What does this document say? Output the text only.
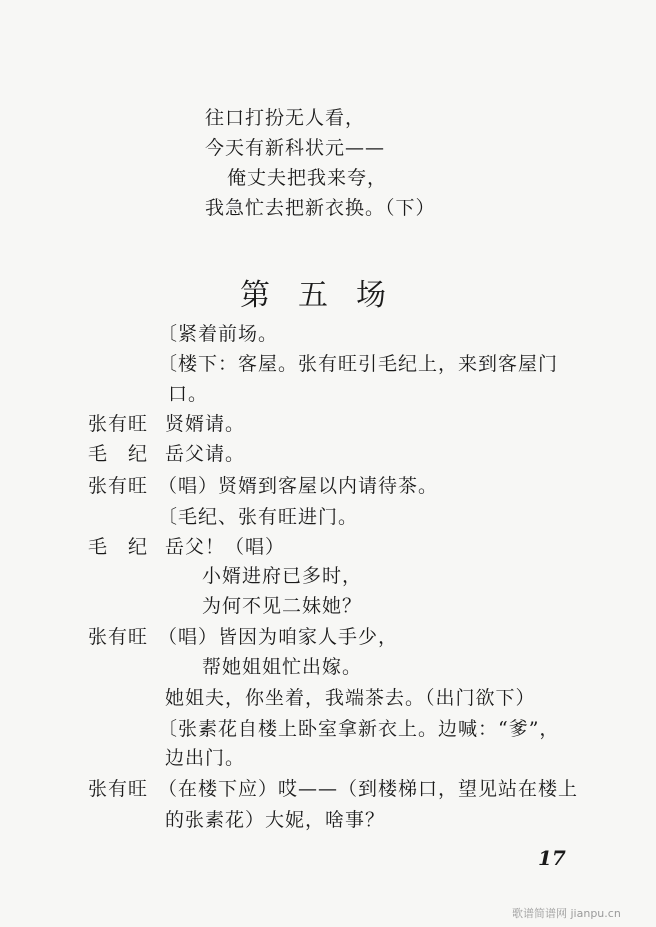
往口打扮无人看，
今天有新科状元——
俺丈夫把我来夸，
我急忙去把新衣换。（下）
第五场
〔紧着前场。
〔楼下：客屋。张有旺引毛纪上，来到客屋门
口。
张有旺 贤婿请。
毛　纪 岳父请。
张有旺 （唱）贤婿到客屋以内请待茶。
〔毛纪、张有旺进门。
毛　纪 岳父！（唱）
小婿进府已多时，
为何不见二妹她？
张有旺 （唱）皆因为咱家人手少，
帮她姐姐忙出嫁。
她姐夫，你坐着，我端茶去。（出门欲下）
〔张素花自楼上卧室拿新衣上。边喊：“爹”，
边出门。
张有旺 （在楼下应）哎——（到楼梯口，望见站在楼上
的张素花）大妮，啥事？
17
歌谱简谱网 jianpu.cn
